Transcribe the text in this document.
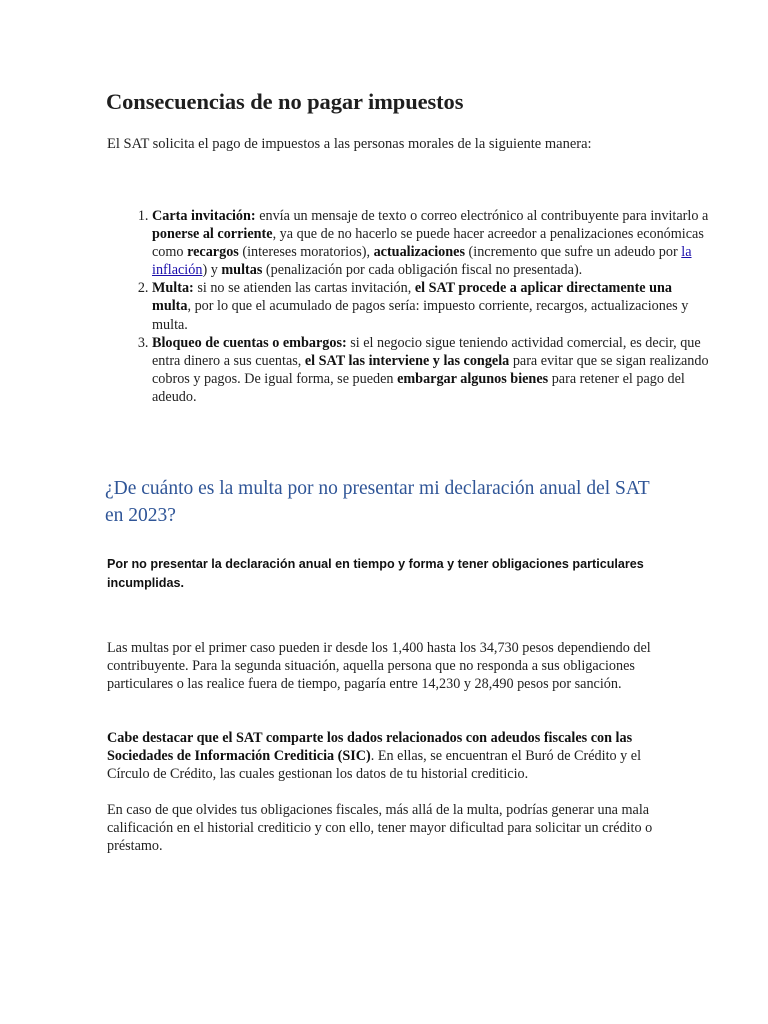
Consecuencias de no pagar impuestos

El SAT solicita el pago de impuestos a las personas morales de la siguiente manera:

1. Carta invitación: envía un mensaje de texto o correo electrónico al contribuyente para invitarlo a ponerse al corriente, ya que de no hacerlo se puede hacer acreedor a penalizaciones económicas como recargos (intereses moratorios), actualizaciones (incremento que sufre un adeudo por la inflación) y multas (penalización por cada obligación fiscal no presentada).
2. Multa: si no se atienden las cartas invitación, el SAT procede a aplicar directamente una multa, por lo que el acumulado de pagos sería: impuesto corriente, recargos, actualizaciones y multa.
3. Bloqueo de cuentas o embargos: si el negocio sigue teniendo actividad comercial, es decir, que entra dinero a sus cuentas, el SAT las interviene y las congela para evitar que se sigan realizando cobros y pagos. De igual forma, se pueden embargar algunos bienes para retener el pago del adeudo.
¿De cuánto es la multa por no presentar mi declaración anual del SAT en 2023?

Por no presentar la declaración anual en tiempo y forma y tener obligaciones particulares incumplidas.

Las multas por el primer caso pueden ir desde los 1,400 hasta los 34,730 pesos dependiendo del contribuyente. Para la segunda situación, aquella persona que no responda a sus obligaciones particulares o las realice fuera de tiempo, pagaría entre 14,230 y 28,490 pesos por sanción.

Cabe destacar que el SAT comparte los dados relacionados con adeudos fiscales con las Sociedades de Información Crediticia (SIC). En ellas, se encuentran el Buró de Crédito y el Círculo de Crédito, las cuales gestionan los datos de tu historial crediticio.

En caso de que olvides tus obligaciones fiscales, más allá de la multa, podrías generar una mala calificación en el historial crediticio y con ello, tener mayor dificultad para solicitar un crédito o préstamo.
